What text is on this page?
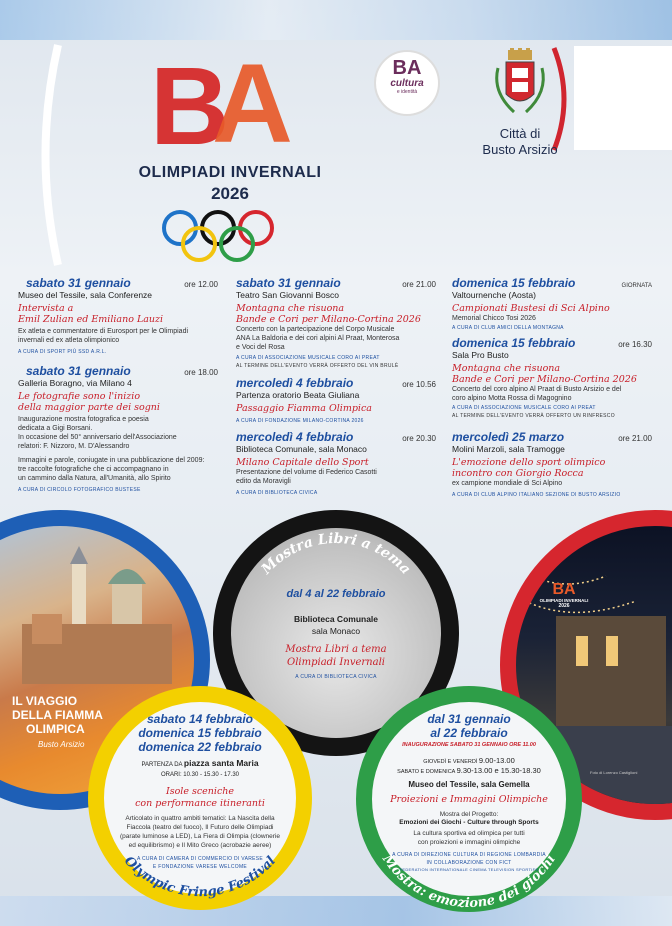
B
A
OLIMPIADI INVERNALI
2026
BA
cultura
e identità
Città di
Busto Arsizio
sabato 31 gennaio	ore 12.00
Museo del Tessile, sala Conferenze
Intervista a
Emil Zulian ed Emiliano Lauzi
Ex atleta e commentatore di Eurosport per le Olimpiadi
invernali ed ex atleta olimpionico
A CURA DI SPORT PIÙ SSD A.R.L.
sabato 31 gennaio	ore 18.00
Galleria Boragno, via Milano 4
Le fotografie sono l'inizio
della maggior parte dei sogni
Inaugurazione mostra fotografica e poesia
dedicata a Gigi Borsani.
In occasione del 50° anniversario dell'Associazione
relatori: F. Nizzoro, M. D'Alessandro
Immagini e parole, coniugate in una pubblicazione del 2009:
tre raccolte fotografiche che ci accompagnano in
un cammino dalla Natura, all'Umanità, allo Spirito
A CURA DI CIRCOLO FOTOGRAFICO BUSTESE
sabato 31 gennaio	ore 21.00
Teatro San Giovanni Bosco
Montagna che risuona
Bande e Cori per Milano-Cortina 2026
Concerto con la partecipazione del Corpo Musicale
ANA La Baldoria e dei cori alpini Al Praat, Monterosa
e Voci del Rosa
A CURA DI ASSOCIAZIONE MUSICALE CORO AI PREAT
AL TERMINE DELL'EVENTO VERRÀ OFFERTO DEL VIN BRULÈ
mercoledì 4 febbraio	ore 10.56
Partenza oratorio Beata Giuliana
Passaggio Fiamma Olimpica
A CURA DI FONDAZIONE MILANO-CORTINA 2026
mercoledì 4 febbraio	ore 20.30
Biblioteca Comunale, sala Monaco
Milano Capitale dello Sport
Presentazione del volume di Federico Casotti
edito da Moravigli
A CURA DI BIBLIOTECA CIVICA
domenica 15 febbraio	GIORNATA
Valtournenche (Aosta)
Campionati Bustesi di Sci Alpino
Memorial Chicco Tosi 2026
A CURA DI CLUB AMICI DELLA MONTAGNA
domenica 15 febbraio	ore 16.30
Sala Pro Busto
Montagna che risuona
Bande e Cori per Milano-Cortina 2026
Concerto del coro alpino Al Praat di Busto Arsizio e del
coro alpino Motta Rossa di Magognino
A CURA DI ASSOCIAZIONE MUSICALE CORO AI PREAT
AL TERMINE DELL'EVENTO VERRÀ OFFERTO UN RINFRESCO
mercoledì 25 marzo	ore 21.00
Molini Marzoli, sala Tramogge
L'emozione dello sport olimpico
incontro con Giorgio Rocca
ex campione mondiale di Sci Alpino
A CURA DI CLUB ALPINO ITALIANO SEZIONE DI BUSTO ARSIZIO
IL VIAGGIO
DELLA FIAMMA
OLIMPICA
Busto Arsizio
BA
OLIMPIADI INVERNALI
2026
Foto di Lorenzo Castiglioni
dal 4 al 22 febbraio
Biblioteca Comunale
sala Monaco
Mostra Libri a tema
Olimpiadi Invernali
A CURA DI BIBLIOTECA CIVICA
Mostra Libri a tema
sabato 14 febbraio
domenica 15 febbraio
domenica 22 febbraio
PARTENZA DA piazza santa Maria
ORARI: 10.30 - 15.30 - 17.30
Isole sceniche
con performance itineranti
Articolato in quattro ambiti tematici: La Nascita della
Fiaccola (teatro del fuoco), Il Futuro delle Olimpiadi
(parate luminose a LED), La Fiera di Olimpia (clownerie
ed equilibrismo) e Il Mito Greco (acrobazie aeree)
A CURA DI CAMERA DI COMMERCIO DI VARESE
E FONDAZIONE VARESE WELCOME
Olympic Fringe Festival
dal 31 gennaio
al 22 febbraio
INAUGURAZIONE SABATO 31 GENNAIO ORE 11.00
GIOVEDÌ E VENERDÌ 9.00-13.00
SABATO E DOMENICA 9.30-13.00 e 15.30-18.30
Museo del Tessile, sala Gemella
Proiezioni e Immagini Olimpiche
Mostra del Progetto:
Emozioni dei Giochi - Culture through Sports
La cultura sportiva ed olimpica per tutti
con proiezioni e immagini olimpiche
A CURA DI DIREZIONE CULTURA DI REGIONE LOMBARDIA
IN COLLABORAZIONE CON FICT
FEDERATION INTERNATIONALE CINEMA TELEVISION SPORTIFS
Mostra: emozione dei giochi
